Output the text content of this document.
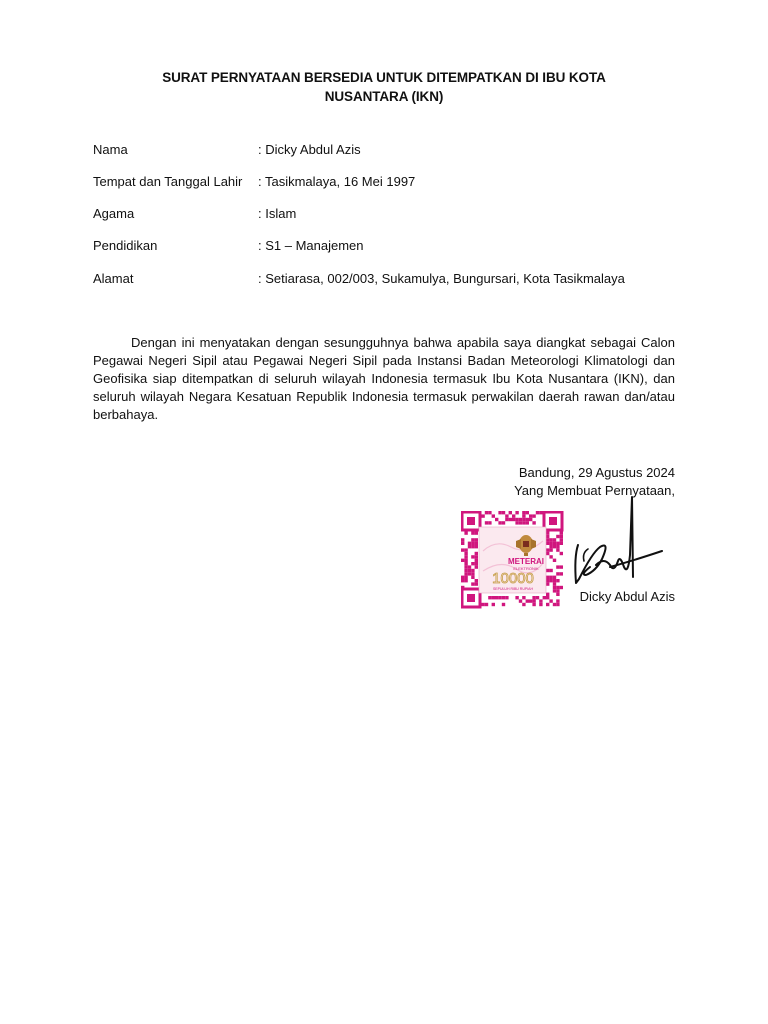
SURAT PERNYATAAN BERSEDIA UNTUK DITEMPATKAN DI IBU KOTA
NUSANTARA (IKN)
Nama	: Dicky Abdul Azis
Tempat dan Tanggal Lahir : Tasikmalaya, 16 Mei 1997
Agama	: Islam
Pendidikan	: S1 – Manajemen
Alamat	: Setiarasa, 002/003, Sukamulya, Bungursari, Kota Tasikmalaya
Dengan ini menyatakan dengan sesungguhnya bahwa apabila saya diangkat sebagai Calon Pegawai Negeri Sipil atau Pegawai Negeri Sipil pada Instansi Badan Meteorologi Klimatologi dan Geofisika siap ditempatkan di seluruh wilayah Indonesia termasuk Ibu Kota Nusantara (IKN), dan seluruh wilayah Negara Kesatuan Republik Indonesia termasuk perwakilan daerah rawan dan/atau berbahaya.
Bandung, 29 Agustus 2024
Yang Membuat Pernyataan,
METERAI
ELEKTRONIK
10000
SEPULUH RIBU RUPIAH	Dicky Abdul Azis
